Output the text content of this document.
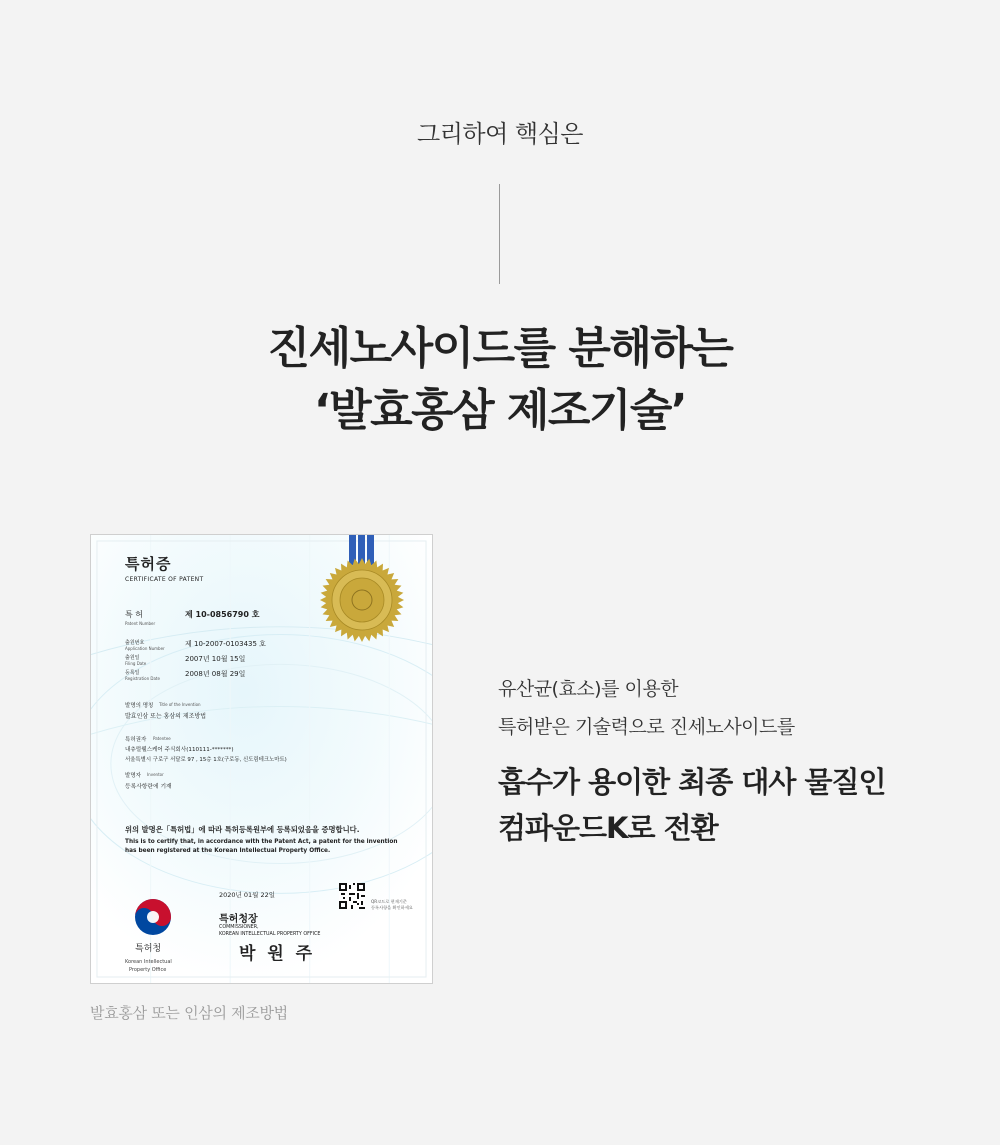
그리하여 핵심은
진세노사이드를 분해하는
‘발효홍삼 제조기술’
특허증
CERTIFICATE OF PATENT
특 허
Patent Number
제 10-0856790 호
출원번호
Application Number
제 10-2007-0103435 호
출원일
Filing Date
2007년 10월 15일
등록일
Registration Date
2008년 08월 29일
발명의 명칭 Title of the Invention
발효인삼 또는 홍삼의 제조방법
특허권자 Patentee
내츄럴웰스케어 주식회사(110111-*******)
서울특별시 구로구 서달로 97 , 15층 1호(구로동, 신도림테크노마트)
발명자 Inventor
등록사항란에 기재
위의 발명은「특허법」에 따라 특허등록원부에 등록되었음을 증명합니다.
This is to certify that, in accordance with the Patent Act, a patent for the invention
has been registered at the Korean Intellectual Property Office.
2020년 01월 22일
QR코드로 현재기준
등록사항을 확인하세요
특허청장
COMMISSIONER,
KOREAN INTELLECTUAL PROPERTY OFFICE
박 원 주
특허청
Korean Intellectual
Property Office
발효홍삼 또는 인삼의 제조방법
유산균(효소)를 이용한
특허받은 기술력으로 진세노사이드를
흡수가 용이한 최종 대사 물질인
컴파운드K로 전환
